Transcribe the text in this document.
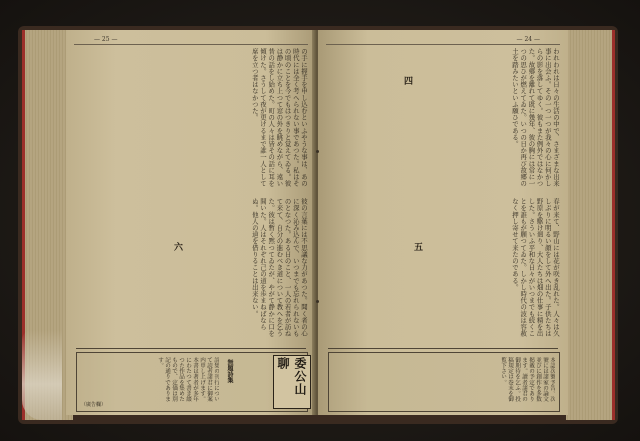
— 25 —
の手に握手を申し込むといふやうな事は、あの時代には全く考へられない事であつた。私はその頃のことを今でもはつきりと覚えてゐる。彼は静かに立ち上つて窓の外を眺めながら、遠い昔の話をし始めた。町の人々は皆その話に耳を傾けた。さうして夜が更けるまで誰一人として席を立つ者はなかつた。
六	彼の言葉には不思議な力があつた。聞く者の心に深く沁み込んで、いつまでも忘れられないものとなつた。ある日のこと、一人の若者が訪ねて来て、自分の進むべき道について教へを乞うた。彼は暫く黙つてゐたが、やがて静かに口を開いた。人はそれぞれ己の道を歩まねばならぬ。他人の道を借りることは出来ない。
詩集の刊行について読者諸君に御案内申し上げます。本書は著者が多年にわたつて書き綴つた作品を集めたもので、定価は別記の通りであります。	無題詩集	委公山聊
（廣告欄）
— 24 —
四	われわれは日々の生活の中で、さまざまな出来事に出会ふ。その一つ一つが我々の心に何かしらの影を落してゆく。彼もまた例外ではなかつた。故郷を離れて既に幾年、彼の胸には常に一つの思ひが燃えてゐた。いつの日か再び故郷の土を踏みたいといふ願ひである。
五	春が来て、野山には花が咲き乱れた。人々は久しぶりに明るい顔をして外へ出た。子供たちは野原を駆け廻り、大人たちは畑の仕事に精を出した。さういふ平和な日々がいつまでも続くことを誰もが願つてゐた。しかし時代の波は容赦なく押し寄せて来たのである。
本誌次號予告。次號には諸家の論文並びに創作を多数掲載の予定であります。讀者諸君の御期待を乞ふ。投稿規定は巻末を御覧下さい。
